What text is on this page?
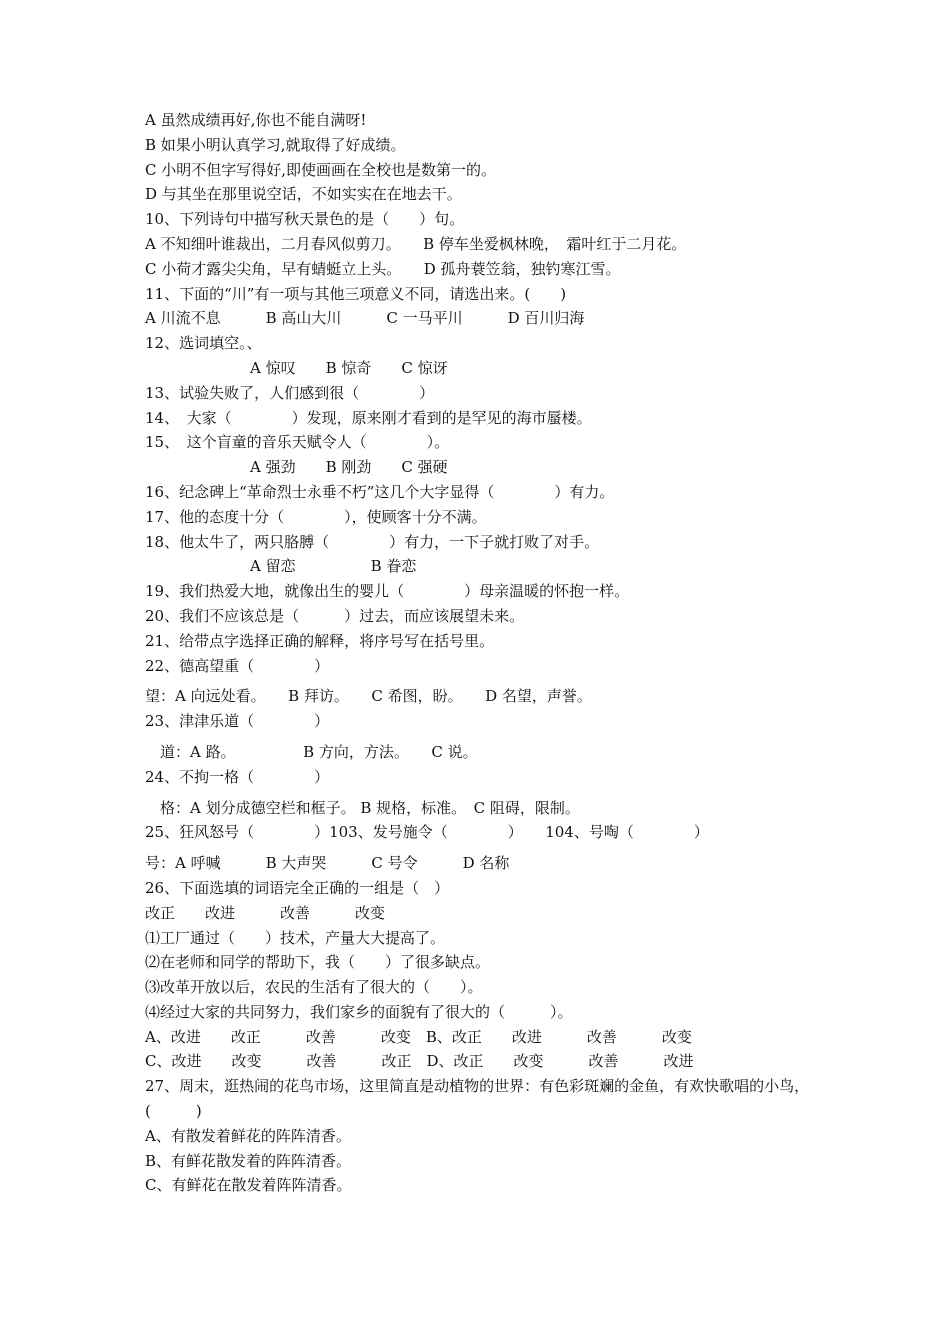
A 虽然成绩再好,你也不能自满呀!
B 如果小明认真学习,就取得了好成绩。
C 小明不但字写得好,即使画画在全校也是数第一的。
D 与其坐在那里说空话，不如实实在在地去干。
10、下列诗句中描写秋天景色的是（　　）句。
A 不知细叶谁裁出，二月春风似剪刀。　　B 停车坐爱枫林晚，　霜叶红于二月花。
C 小荷才露尖尖角，早有蜻蜓立上头。　　D 孤舟蓑笠翁，独钓寒江雪。
11、下面的“川”有一项与其他三项意义不同，请选出来。(　　)
A 川流不息　　　B 高山大川　　　C 一马平川　　　D 百川归海
12、选词填空。、
　　　　　　　A 惊叹　　B 惊奇　　C 惊讶
13、试验失败了，人们感到很（　　　　）
14、　大家（　　　　）发现，原来刚才看到的是罕见的海市蜃楼。
15、　这个盲童的音乐天赋令人（　　　　）。
　　　　　　　A 强劲　　B 刚劲　　C 强硬
16、纪念碑上“革命烈士永垂不朽”这几个大字显得（　　　　）有力。
17、他的态度十分（　　　　），使顾客十分不满。
18、他太牛了，两只胳膊（　　　　）有力，一下子就打败了对手。
　　　　　　　A 留恋　　　　　B 眷恋
19、我们热爱大地，就像出生的婴儿（　　　　）母亲温暖的怀抱一样。
20、我们不应该总是（　　　）过去，而应该展望未来。
21、给带点字选择正确的解释，将序号写在括号里。
22、德高望重（　　　　）
望：A 向远处看。　　B 拜访。　　C 希图，盼。　　D 名望，声誉。
23、津津乐道（　　　　）
　道：A 路。　　　　　B 方向，方法。　　C 说。
24、不拘一格（　　　　）
　格：A 划分成德空栏和框子。 B 规格，标准。　C 阻碍，限制。
25、狂风怒号（　　　　）103、发号施令（　　　　）　　104、号啕（　　　　）
号：A 呼喊　　　B 大声哭　　　C 号令　　　D 名称
26、下面选填的词语完全正确的一组是（　）
改正　　改进　　　改善　　　改变
⑴工厂通过（　　）技术，产量大大提高了。
⑵在老师和同学的帮助下，我（　　）了很多缺点。
⑶改革开放以后，农民的生活有了很大的（　　）。
⑷经过大家的共同努力，我们家乡的面貌有了很大的（　　　）。
A、改进　　改正　　　改善　　　改变　B、改正　　改进　　　改善　　　改变
C、改进　　改变　　　改善　　　改正　D、改正　　改变　　　改善　　　改进
27、周末，逛热闹的花鸟市场，这里简直是动植物的世界：有色彩斑斓的金鱼，有欢快歌唱的小鸟，　(　　　)
A、有散发着鲜花的阵阵清香。
B、有鲜花散发着的阵阵清香。
C、有鲜花在散发着阵阵清香。
